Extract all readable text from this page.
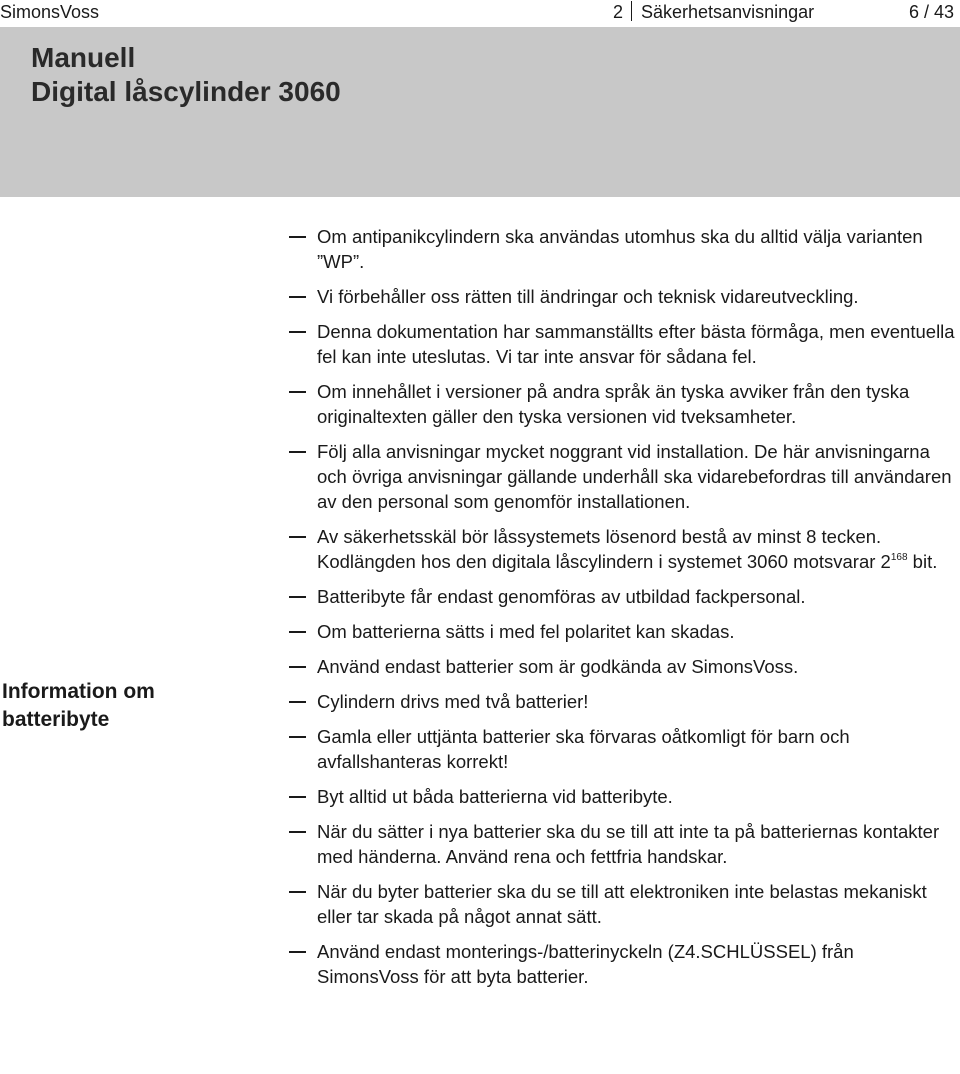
SimonsVoss	2 Säkerhetsanvisningar	6 / 43
Manuell
Digital låscylinder 3060
Information om
batteribyte
Om antipanikcylindern ska användas utomhus ska du alltid välja varianten ”WP”.
Vi förbehåller oss rätten till ändringar och teknisk vidareutveckling.
Denna dokumentation har sammanställts efter bästa förmåga, men eventuella fel kan inte uteslutas. Vi tar inte ansvar för sådana fel.
Om innehållet i versioner på andra språk än tyska avviker från den tyska originaltexten gäller den tyska versionen vid tveksamheter.
Följ alla anvisningar mycket noggrant vid installation. De här anvisningarna och övriga anvisningar gällande underhåll ska vidarebefordras till användaren av den personal som genomför installationen.
Av säkerhetsskäl bör låssystemets lösenord bestå av minst 8 tecken. Kodlängden hos den digitala låscylindern i systemet 3060 motsvarar $2^{168}$ bit.
Batteribyte får endast genomföras av utbildad fackpersonal.
Om batterierna sätts i med fel polaritet kan skadas.
Använd endast batterier som är godkända av SimonsVoss.
Cylindern drivs med två batterier!
Gamla eller uttjänta batterier ska förvaras oåtkomligt för barn och avfallshanteras korrekt!
Byt alltid ut båda batterierna vid batteribyte.
När du sätter i nya batterier ska du se till att inte ta på batteriernas kontakter med händerna. Använd rena och fettfria handskar.
När du byter batterier ska du se till att elektroniken inte belastas mekaniskt eller tar skada på något annat sätt.
Använd endast monterings-/batterinyckeln (Z4.SCHLÜSSEL) från SimonsVoss för att byta batterier.
